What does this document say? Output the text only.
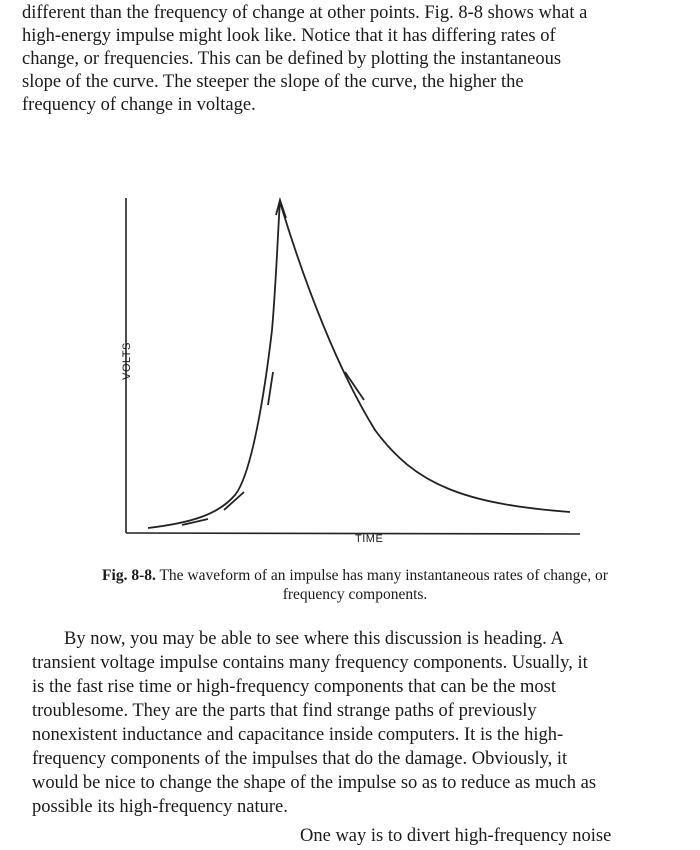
different than the frequency of change at other points. Fig. 8-8 shows what a
high-energy impulse might look like. Notice that it has differing rates of
change, or frequencies. This can be defined by plotting the instantaneous
slope of the curve. The steeper the slope of the curve, the higher the
frequency of change in voltage.
VOLTS
TIME
Fig. 8-8. The waveform of an impulse has many instantaneous rates of change, or
frequency components.
By now, you may be able to see where this discussion is heading. A
transient voltage impulse contains many frequency components. Usually, it
is the fast rise time or high-frequency components that can be the most
troublesome. They are the parts that find strange paths of previously
nonexistent inductance and capacitance inside computers. It is the high-
frequency components of the impulses that do the damage. Obviously, it
would be nice to change the shape of the impulse so as to reduce as much as
possible its high-frequency nature.
One way is to divert high-frequency noise
